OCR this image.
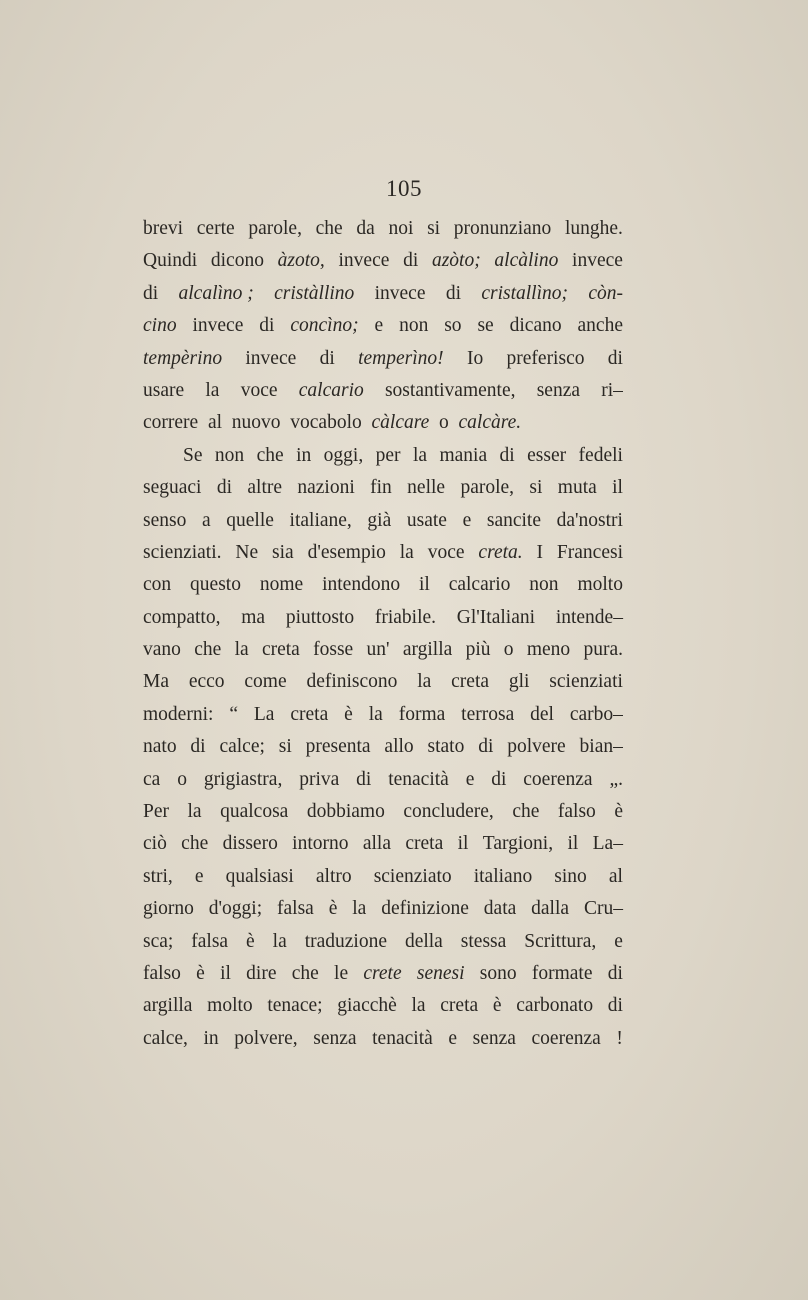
105
brevi certe parole, che da noi si pronunziano lunghe.
Quindi dicono àzoto, invece di azòto; alcàlino invece
di alcalìno ; cristàllino invece di cristallìno; còn-
cino invece di concìno; e non so se dicano anche
tempèrino invece di temperìno! Io preferisco di
usare la voce calcario sostantivamente, senza ri–
correre
al
nuovo
vocabolo
càlcare
o
calcàre.
Se non che in oggi, per la mania di esser fedeli
seguaci di altre nazioni fin nelle parole, si muta il
senso a quelle italiane, già usate e sancite da'nostri
scienziati. Ne sia d'esempio la voce creta. I Francesi
con questo nome intendono il calcario non molto
compatto, ma piuttosto friabile. Gl'Italiani intende–
vano che la creta fosse un' argilla più o meno pura.
Ma ecco come definiscono la creta gli scienziati
moderni: “ La creta è la forma terrosa del carbo–
nato di calce; si presenta allo stato di polvere bian–
ca o grigiastra, priva di tenacità e di coerenza „.
Per la qualcosa dobbiamo concludere, che falso è
ciò che dissero intorno alla creta il Targioni, il La–
stri, e qualsiasi altro scienziato italiano sino al
giorno d'oggi; falsa è la definizione data dalla Cru–
sca; falsa è la traduzione della stessa Scrittura, e
falso è il dire che le crete senesi sono formate di
argilla molto tenace; giacchè la creta è carbonato di
calce, in polvere, senza tenacità e senza coerenza !
